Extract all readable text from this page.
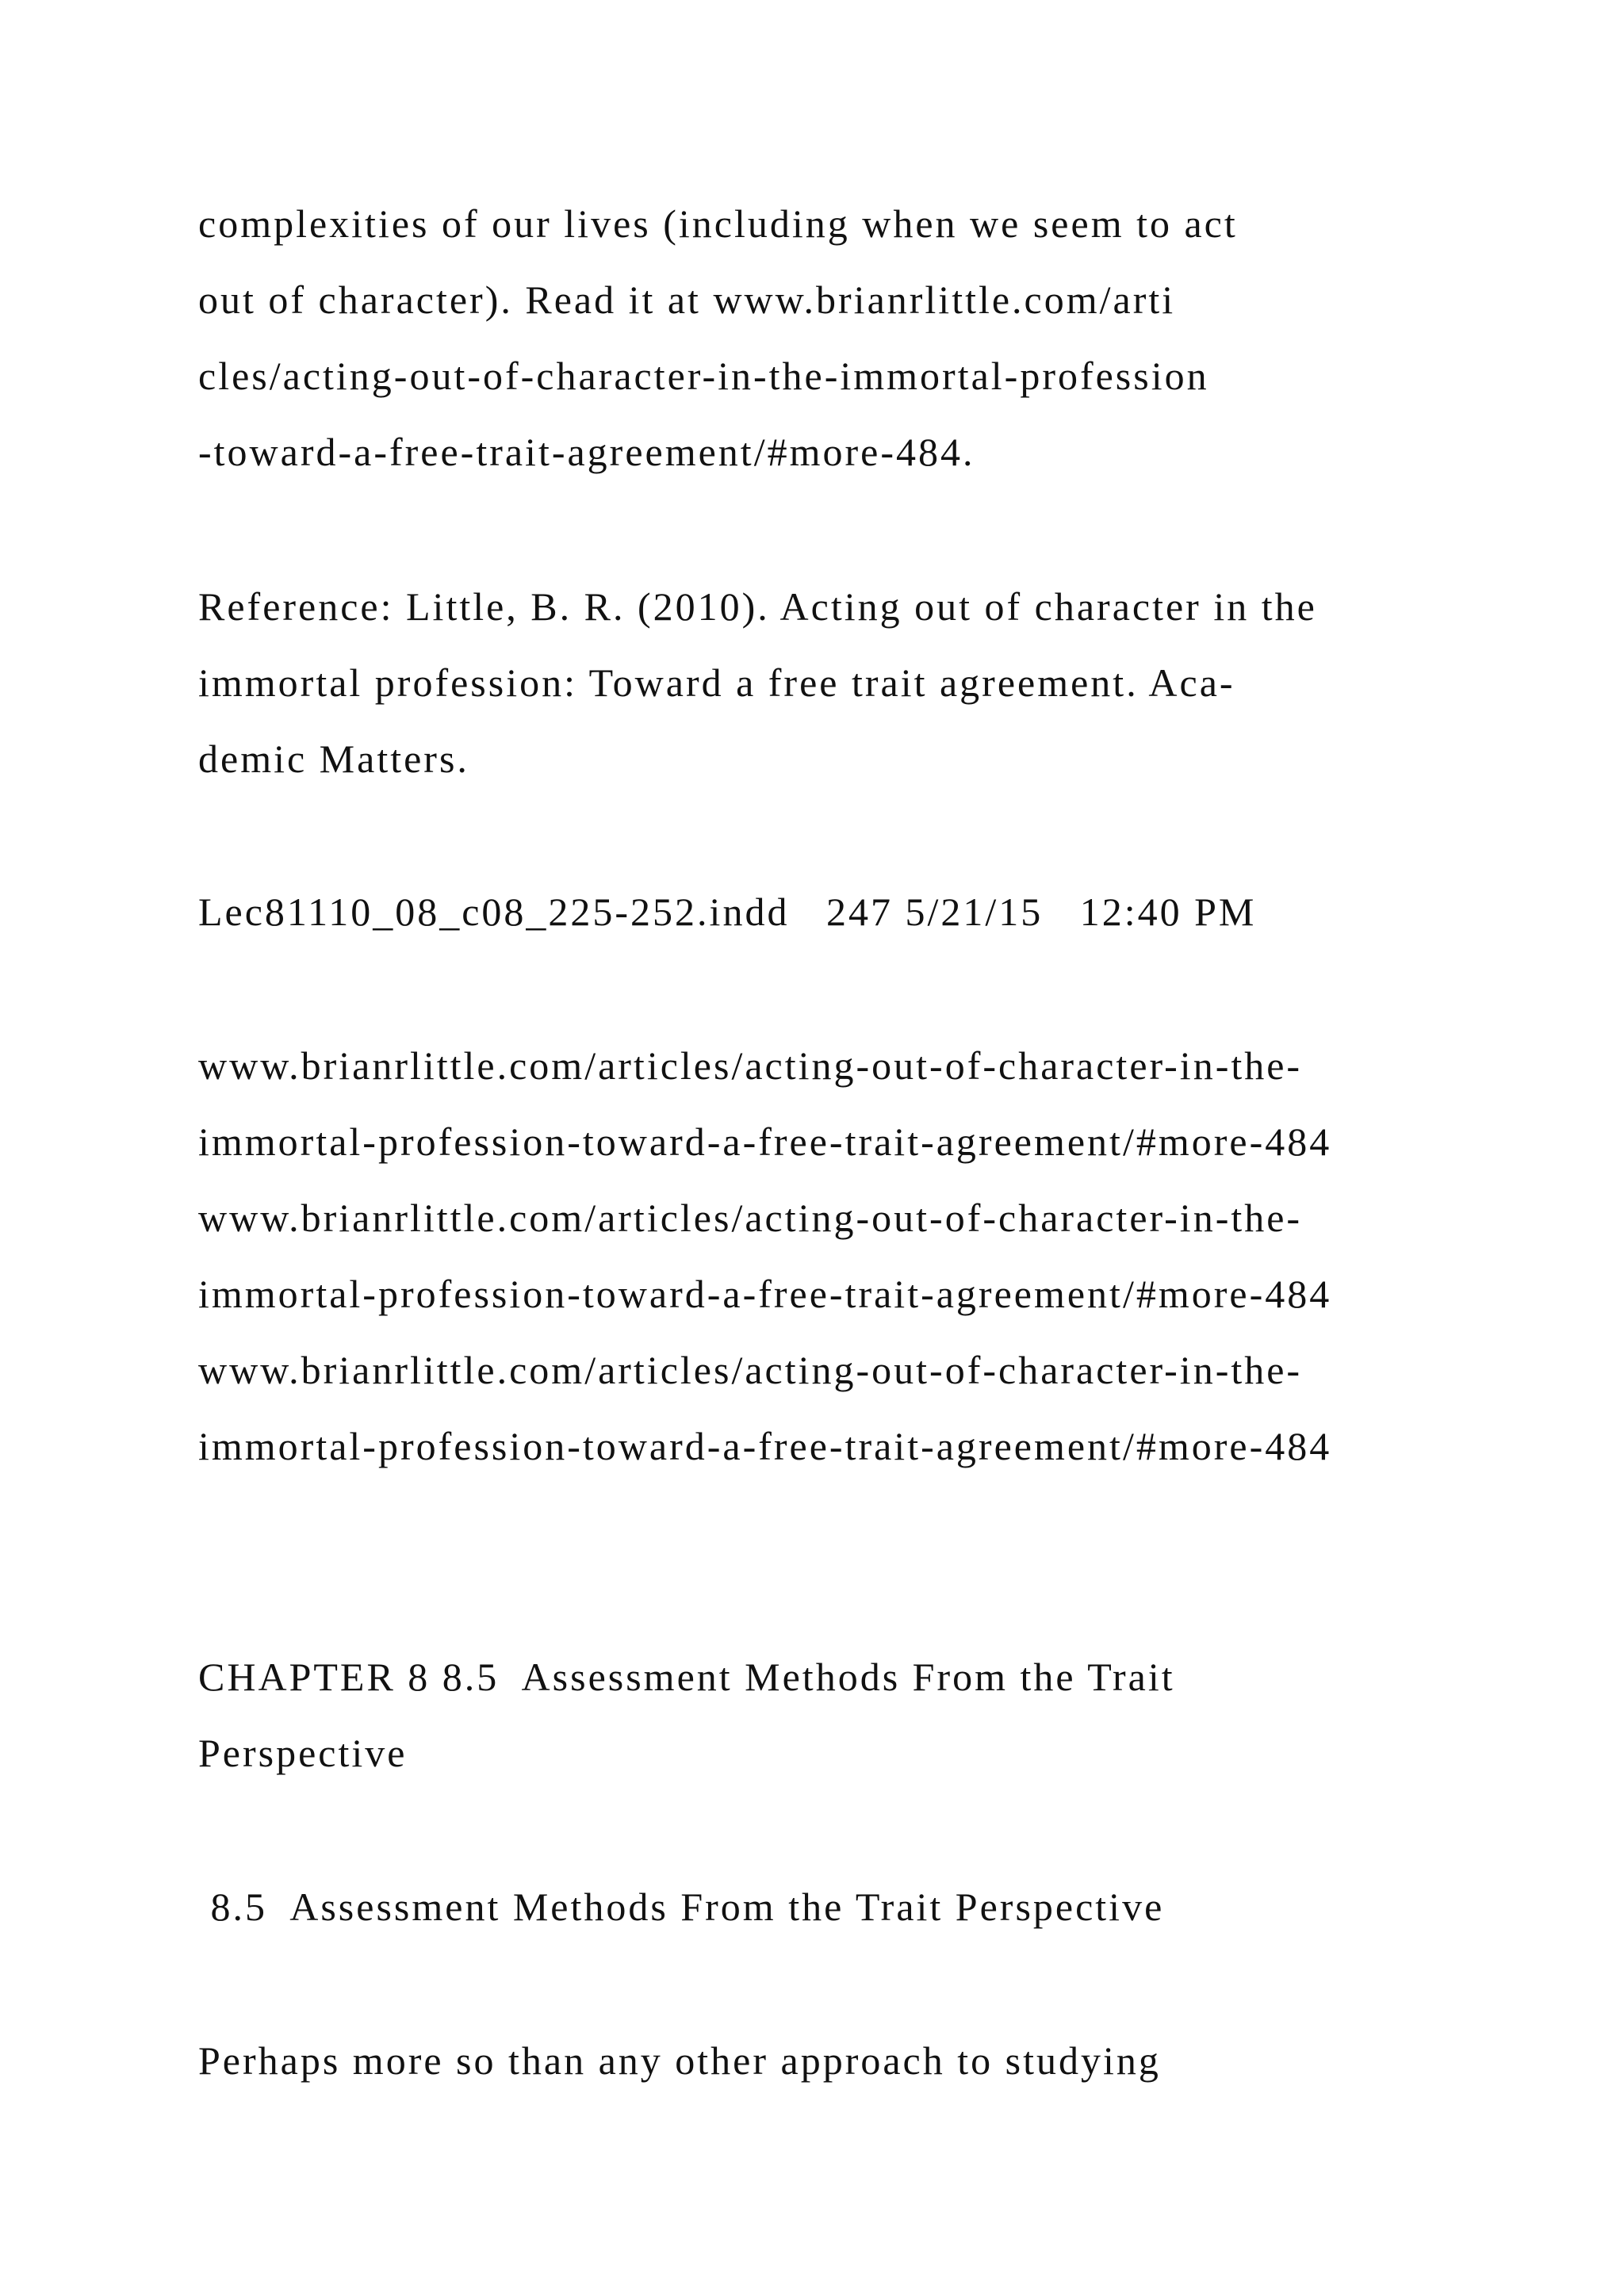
complexities of our lives (including when we seem to act

out of character). Read it at www.brianrlittle.com/arti

cles/acting-out-of-character-in-the-immortal-profession

-toward-a-free-trait-agreement/#more-484.

Reference: Little, B. R. (2010). Acting out of character in the

immortal profession: Toward a free trait agreement. Aca-

demic Matters.

Lec81110_08_c08_225-252.indd   247 5/21/15   12:40 PM

www.brianrlittle.com/articles/acting-out-of-character-in-the-

immortal-profession-toward-a-free-trait-agreement/#more-484

www.brianrlittle.com/articles/acting-out-of-character-in-the-

immortal-profession-toward-a-free-trait-agreement/#more-484

www.brianrlittle.com/articles/acting-out-of-character-in-the-

immortal-profession-toward-a-free-trait-agreement/#more-484

CHAPTER 8 8.5  Assessment Methods From the Trait

Perspective

8.5  Assessment Methods From the Trait Perspective

Perhaps more so than any other approach to studying
